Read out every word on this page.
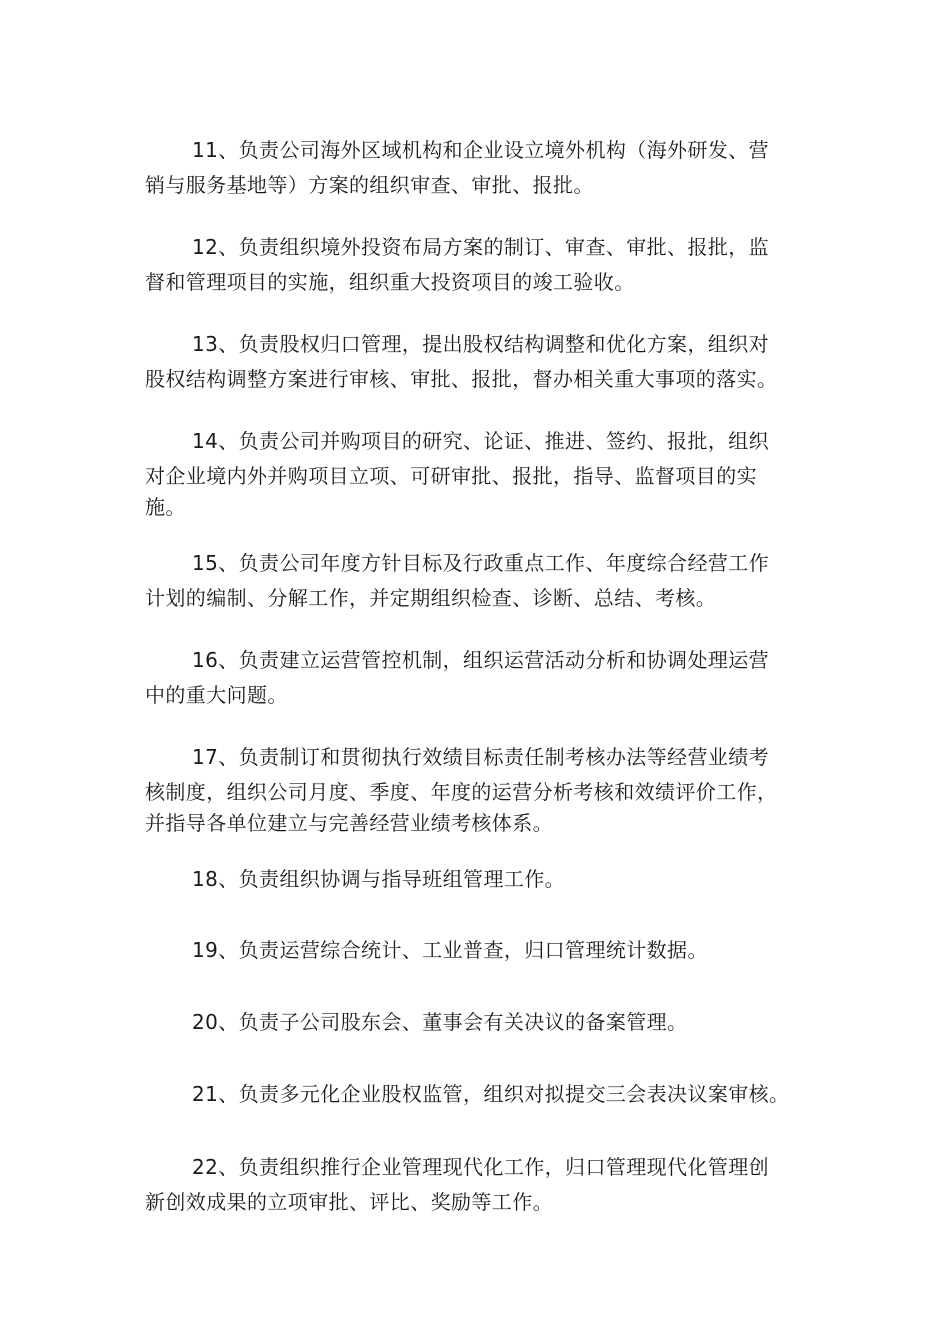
11、负责公司海外区域机构和企业设立境外机构（海外研发、营
销与服务基地等）方案的组织审查、审批、报批。
12、负责组织境外投资布局方案的制订、审查、审批、报批，监
督和管理项目的实施，组织重大投资项目的竣工验收。
13、负责股权归口管理，提出股权结构调整和优化方案，组织对
股权结构调整方案进行审核、审批、报批，督办相关重大事项的落实。
14、负责公司并购项目的研究、论证、推进、签约、报批，组织
对企业境内外并购项目立项、可研审批、报批，指导、监督项目的实
施。
15、负责公司年度方针目标及行政重点工作、年度综合经营工作
计划的编制、分解工作，并定期组织检查、诊断、总结、考核。
16、负责建立运营管控机制，组织运营活动分析和协调处理运营
中的重大问题。
17、负责制订和贯彻执行效绩目标责任制考核办法等经营业绩考
核制度，组织公司月度、季度、年度的运营分析考核和效绩评价工作，
并指导各单位建立与完善经营业绩考核体系。
18、负责组织协调与指导班组管理工作。
19、负责运营综合统计、工业普查，归口管理统计数据。
20、负责子公司股东会、董事会有关决议的备案管理。
21、负责多元化企业股权监管，组织对拟提交三会表决议案审核。
22、负责组织推行企业管理现代化工作，归口管理现代化管理创
新创效成果的立项审批、评比、奖励等工作。
